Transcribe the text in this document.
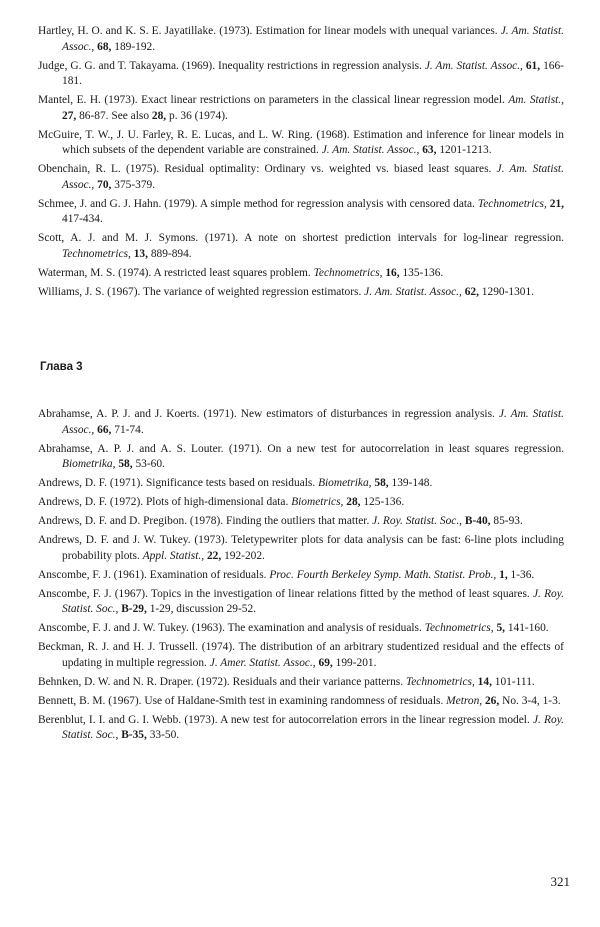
Hartley, H. O. and K. S. E. Jayatillake. (1973). Estimation for linear models with unequal variances. J. Am. Statist. Assoc., 68, 189-192.

Judge, G. G. and T. Takayama. (1969). Inequality restrictions in regression analysis. J. Am. Statist. Assoc., 61, 166-181.

Mantel, E. H. (1973). Exact linear restrictions on parameters in the classical linear regression model. Am. Statist., 27, 86-87. See also 28, p. 36 (1974).

McGuire, T. W., J. U. Farley, R. E. Lucas, and L. W. Ring. (1968). Estimation and inference for linear models in which subsets of the dependent variable are constrained. J. Am. Statist. Assoc., 63, 1201-1213.

Obenchain, R. L. (1975). Residual optimality: Ordinary vs. weighted vs. biased least squares. J. Am. Statist. Assoc., 70, 375-379.

Schmee, J. and G. J. Hahn. (1979). A simple method for regression analysis with censored data. Technometrics, 21, 417-434.

Scott, A. J. and M. J. Symons. (1971). A note on shortest prediction intervals for log-linear regression. Technometrics, 13, 889-894.

Waterman, M. S. (1974). A restricted least squares problem. Technometrics, 16, 135-136.

Williams, J. S. (1967). The variance of weighted regression estimators. J. Am. Statist. Assoc., 62, 1290-1301.

Глава 3

Abrahamse, A. P. J. and J. Koerts. (1971). New estimators of disturbances in regression analysis. J. Am. Statist. Assoc., 66, 71-74.

Abrahamse, A. P. J. and A. S. Louter. (1971). On a new test for autocorrelation in least squares regression. Biometrika, 58, 53-60.

Andrews, D. F. (1971). Significance tests based on residuals. Biometrika, 58, 139-148.

Andrews, D. F. (1972). Plots of high-dimensional data. Biometrics, 28, 125-136.

Andrews, D. F. and D. Pregibon. (1978). Finding the outliers that matter. J. Roy. Statist. Soc., B-40, 85-93.

Andrews, D. F. and J. W. Tukey. (1973). Teletypewriter plots for data analysis can be fast: 6-line plots including probability plots. Appl. Statist., 22, 192-202.

Anscombe, F. J. (1961). Examination of residuals. Proc. Fourth Berkeley Symp. Math. Statist. Prob., 1, 1-36.

Anscombe, F. J. (1967). Topics in the investigation of linear relations fitted by the method of least squares. J. Roy. Statist. Soc., B-29, 1-29, discussion 29-52.

Anscombe, F. J. and J. W. Tukey. (1963). The examination and analysis of residuals. Technometrics, 5, 141-160.

Beckman, R. J. and H. J. Trussell. (1974). The distribution of an arbitrary studentized residual and the effects of updating in multiple regression. J. Amer. Statist. Assoc., 69, 199-201.

Behnken, D. W. and N. R. Draper. (1972). Residuals and their variance patterns. Technometrics, 14, 101-111.

Bennett, B. M. (1967). Use of Haldane-Smith test in examining randomness of residuals. Metron, 26, No. 3-4, 1-3.

Berenblut, I. I. and G. I. Webb. (1973). A new test for autocorrelation errors in the linear regression model. J. Roy. Statist. Soc., B-35, 33-50.

321
